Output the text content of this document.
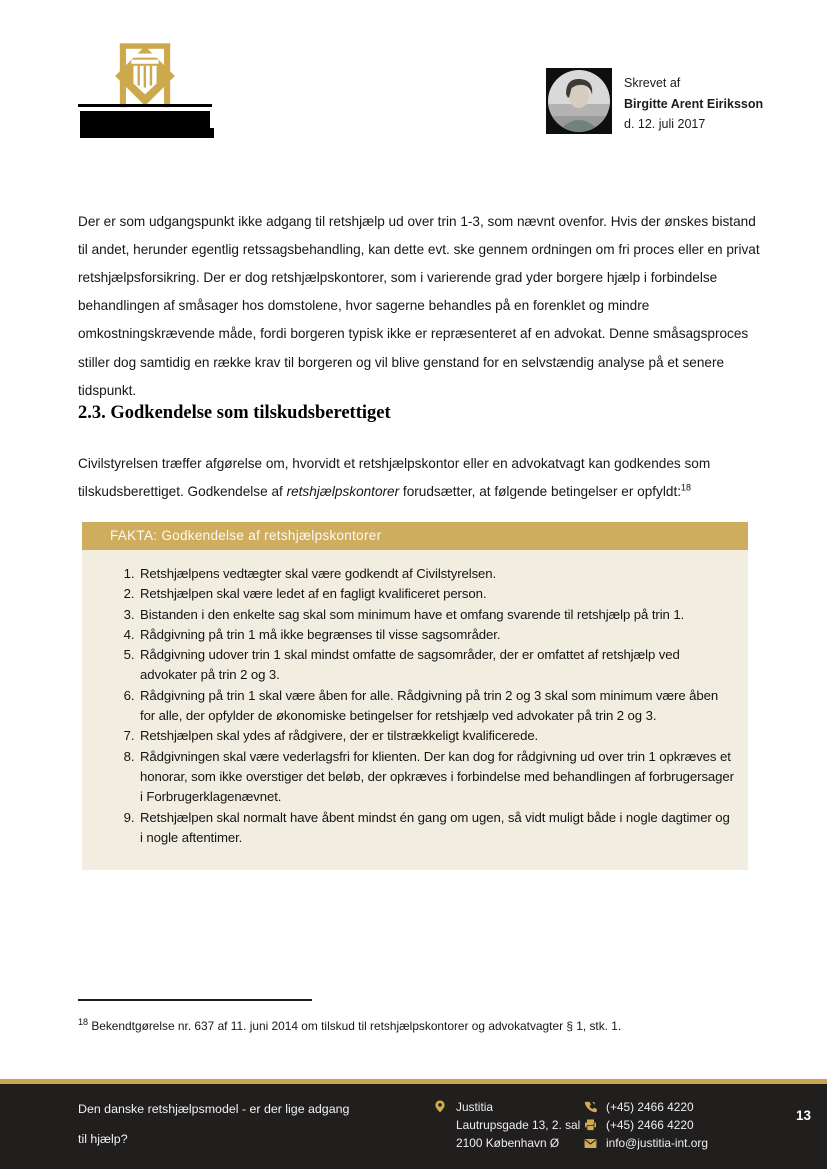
Skrevet af
Birgitte Arent Eiriksson
d. 12. juli 2017

Der er som udgangspunkt ikke adgang til retshjælp ud over trin 1-3, som nævnt ovenfor. Hvis der ønskes bistand til andet, herunder egentlig retssagsbehandling, kan dette evt. ske gennem ordningen om fri proces eller en privat retshjælpsforsikring. Der er dog retshjælpskontorer, som i varierende grad yder borgere hjælp i forbindelse behandlingen af småsager hos domstolene, hvor sagerne behandles på en forenklet og mindre omkostningskrævende måde, fordi borgeren typisk ikke er repræsenteret af en advokat. Denne småsagsproces stiller dog samtidig en række krav til borgeren og vil blive genstand for en selvstændig analyse på et senere tidspunkt.

2.3. Godkendelse som tilskudsberettiget

Civilstyrelsen træffer afgørelse om, hvorvidt et retshjælpskontor eller en advokatvagt kan godkendes som tilskudsberettiget. Godkendelse af retshjælpskontorer forudsætter, at følgende betingelser er opfyldt:$^{18}$

FAKTA: Godkendelse af retshjælpskontorer
1. Retshjælpens vedtægter skal være godkendt af Civilstyrelsen.
2. Retshjælpen skal være ledet af en fagligt kvalificeret person.
3. Bistanden i den enkelte sag skal som minimum have et omfang svarende til retshjælp på trin 1.
4. Rådgivning på trin 1 må ikke begrænses til visse sagsområder.
5. Rådgivning udover trin 1 skal mindst omfatte de sagsområder, der er omfattet af retshjælp ved advokater på trin 2 og 3.
6. Rådgivning på trin 1 skal være åben for alle. Rådgivning på trin 2 og 3 skal som minimum være åben for alle, der opfylder de økonomiske betingelser for retshjælp ved advokater på trin 2 og 3.
7. Retshjælpen skal ydes af rådgivere, der er tilstrækkeligt kvalificerede.
8. Rådgivningen skal være vederlagsfri for klienten. Der kan dog for rådgivning ud over trin 1 opkræves et honorar, som ikke overstiger det beløb, der opkræves i forbindelse med behandlingen af forbrugersager i Forbrugerklagenævnet.
9. Retshjælpen skal normalt have åbent mindst én gang om ugen, så vidt muligt både i nogle dagtimer og i nogle aftentimer.

$^{18}$ Bekendtgørelse nr. 637 af 11. juni 2014 om tilskud til retshjælpskontorer og advokatvagter § 1, stk. 1.

Den danske retshjælpsmodel - er der lige adgang
til hjælp?
Justitia
Lautrupsgade 13, 2. sal
2100 København Ø
(+45) 2466 4220
(+45) 2466 4220
info@justitia-int.org
13
